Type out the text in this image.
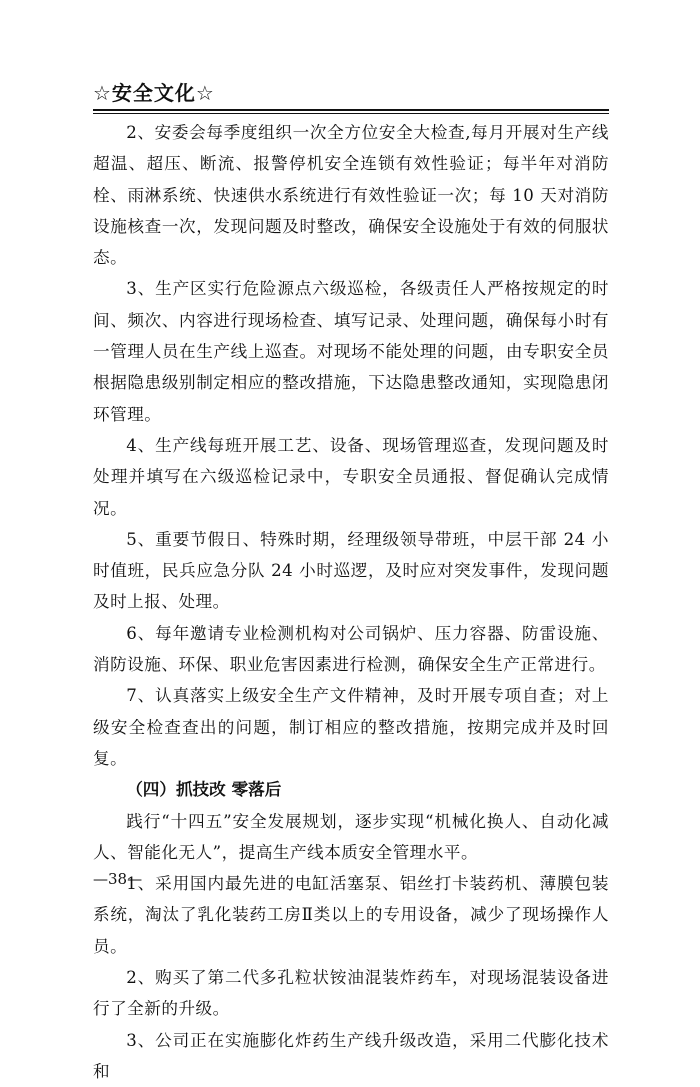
☆安全文化☆

2、安委会每季度组织一次全方位安全大检查,每月开展对生产线超温、超压、断流、报警停机安全连锁有效性验证；每半年对消防栓、雨淋系统、快速供水系统进行有效性验证一次；每 10 天对消防设施核查一次，发现问题及时整改，确保安全设施处于有效的伺服状态。

3、生产区实行危险源点六级巡检，各级责任人严格按规定的时间、频次、内容进行现场检查、填写记录、处理问题，确保每小时有一管理人员在生产线上巡查。对现场不能处理的问题，由专职安全员根据隐患级别制定相应的整改措施，下达隐患整改通知，实现隐患闭环管理。

4、生产线每班开展工艺、设备、现场管理巡查，发现问题及时处理并填写在六级巡检记录中，专职安全员通报、督促确认完成情况。

5、重要节假日、特殊时期，经理级领导带班，中层干部 24 小时值班，民兵应急分队 24 小时巡逻，及时应对突发事件，发现问题及时上报、处理。

6、每年邀请专业检测机构对公司锅炉、压力容器、防雷设施、消防设施、环保、职业危害因素进行检测，确保安全生产正常进行。

7、认真落实上级安全生产文件精神，及时开展专项自查；对上级安全检查查出的问题，制订相应的整改措施，按期完成并及时回复。

（四）抓技改 零落后

践行“十四五”安全发展规划，逐步实现“机械化换人、自动化减人、智能化无人”，提高生产线本质安全管理水平。

1、采用国内最先进的电缸活塞泵、铝丝打卡装药机、薄膜包装系统，淘汰了乳化装药工房Ⅱ类以上的专用设备，减少了现场操作人员。

2、购买了第二代多孔粒状铵油混装炸药车，对现场混装设备进行了全新的升级。

3、公司正在实施膨化炸药生产线升级改造，采用二代膨化技术和

—38—
